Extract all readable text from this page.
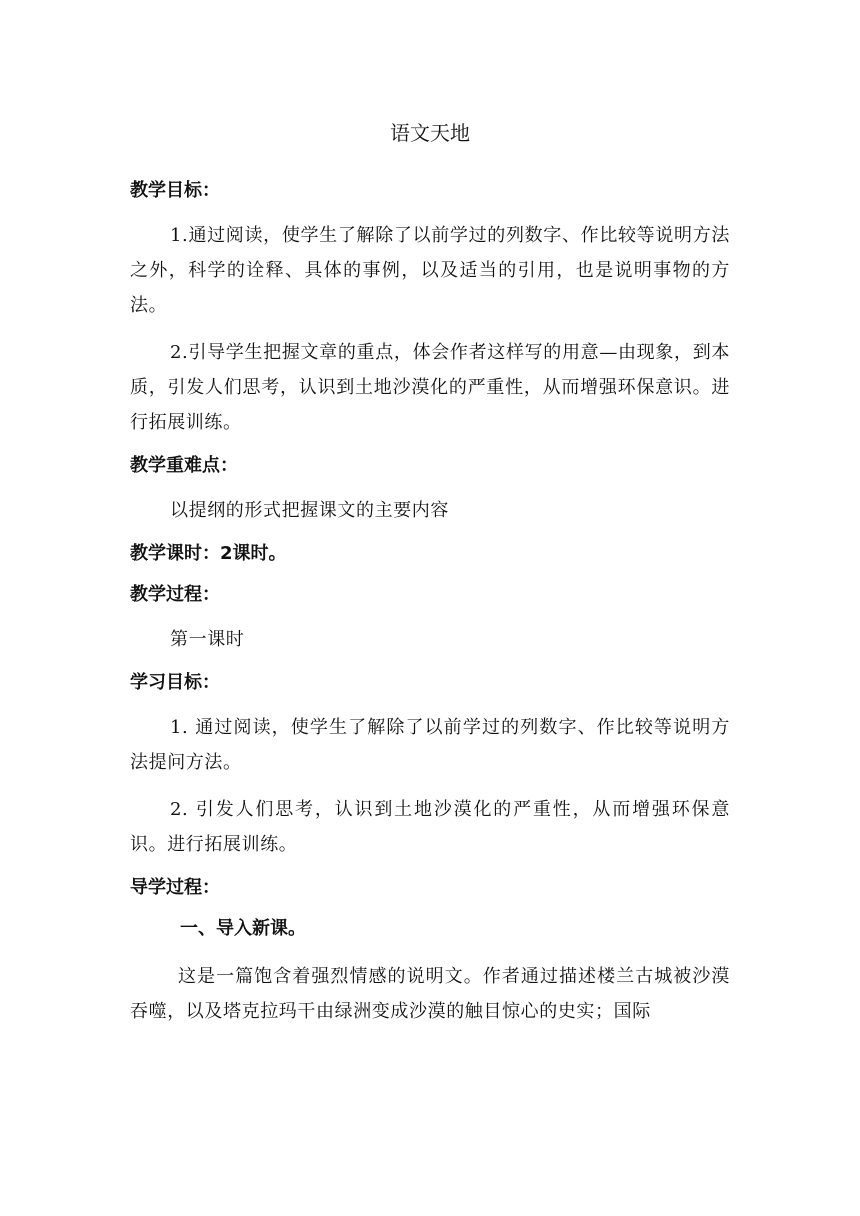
语文天地
教学目标：

1.通过阅读，使学生了解除了以前学过的列数字、作比较等说明方法之外，科学的诠释、具体的事例，以及适当的引用，也是说明事物的方法。

2.引导学生把握文章的重点，体会作者这样写的用意—由现象，到本质，引发人们思考，认识到土地沙漠化的严重性，从而增强环保意识。进行拓展训练。

教学重难点：

以提纲的形式把握课文的主要内容

教学课时：2课时。
教学过程：

第一课时

学习目标：

1. 通过阅读，使学生了解除了以前学过的列数字、作比较等说明方法提问方法。

2. 引发人们思考，认识到土地沙漠化的严重性，从而增强环保意识。进行拓展训练。

导学过程：
一、导入新课。

这是一篇饱含着强烈情感的说明文。作者通过描述楼兰古城被沙漠吞噬，以及塔克拉玛干由绿洲变成沙漠的触目惊心的史实；国际
